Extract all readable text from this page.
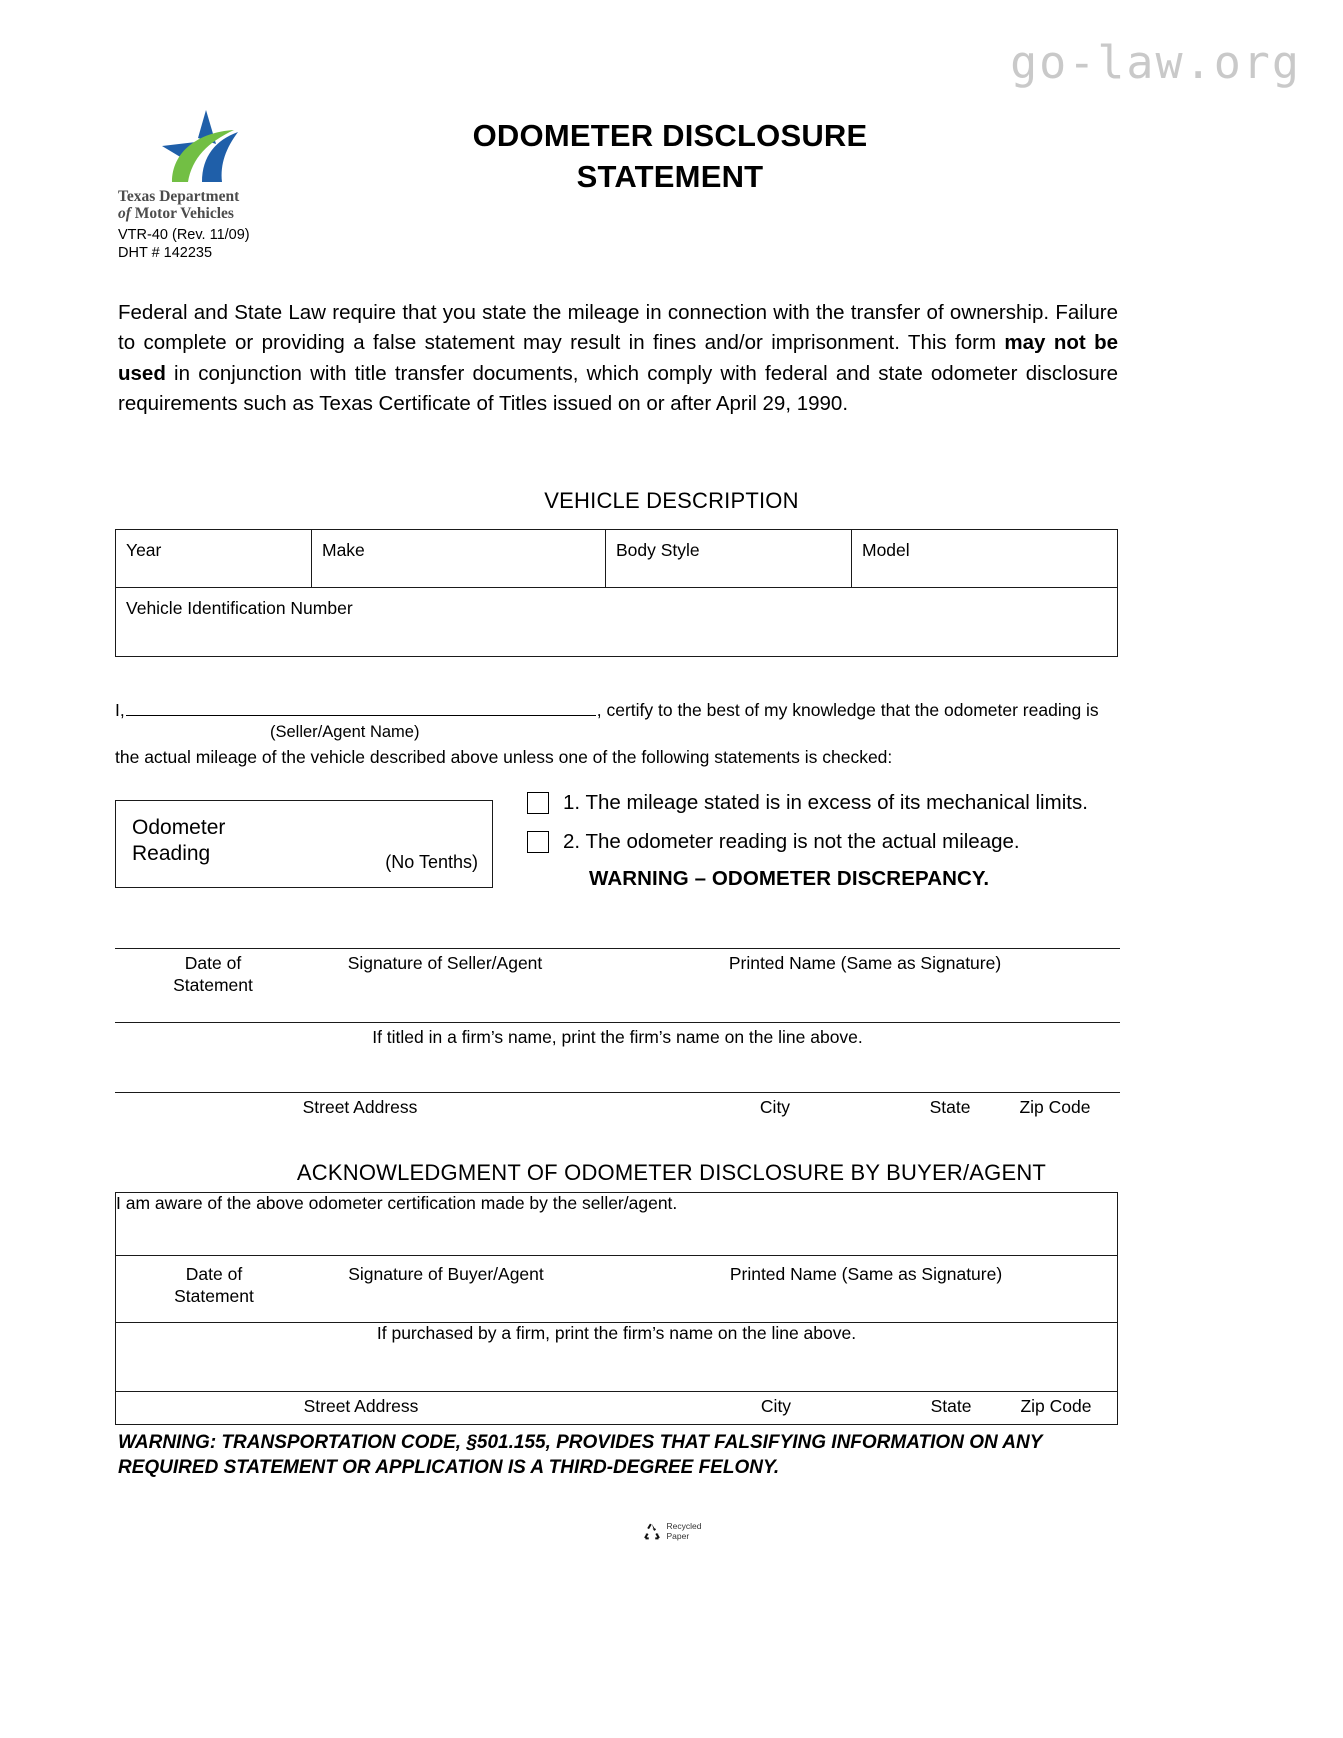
go-law.org
Texas Department
of Motor Vehicles
VTR-40 (Rev. 11/09)
DHT # 142235
ODOMETER DISCLOSURE
STATEMENT
Federal and State Law require that you state the mileage in connection with the transfer of ownership. Failure to complete or providing a false statement may result in fines and/or imprisonment. This form may not be used in conjunction with title transfer documents, which comply with federal and state odometer disclosure requirements such as Texas Certificate of Titles issued on or after April 29, 1990.
VEHICLE DESCRIPTION
Year	Make	Body Style	Model
Vehicle Identification Number
I,	, certify to the best of my knowledge that the odometer reading is
(Seller/Agent Name)
the actual mileage of the vehicle described above unless one of the following statements is checked:
Odometer
Reading	(No Tenths)
1. The mileage stated is in excess of its mechanical limits.
2. The odometer reading is not the actual mileage.
WARNING – ODOMETER DISCREPANCY.
Date of
Statement
Signature of Seller/Agent	Printed Name (Same as Signature)
If titled in a firm’s name, print the firm’s name on the line above.
Street Address	City	State	Zip Code
ACKNOWLEDGMENT OF ODOMETER DISCLOSURE BY BUYER/AGENT
I am aware of the above odometer certification made by the seller/agent.

Date of
Statement
Signature of Buyer/Agent	Printed Name (Same as Signature)

If purchased by a firm, print the firm’s name on the line above.

Street Address	City	State	Zip Code
WARNING: TRANSPORTATION CODE, §501.155, PROVIDES THAT FALSIFYING INFORMATION ON ANY REQUIRED STATEMENT OR APPLICATION IS A THIRD-DEGREE FELONY.
Recycled
Paper
